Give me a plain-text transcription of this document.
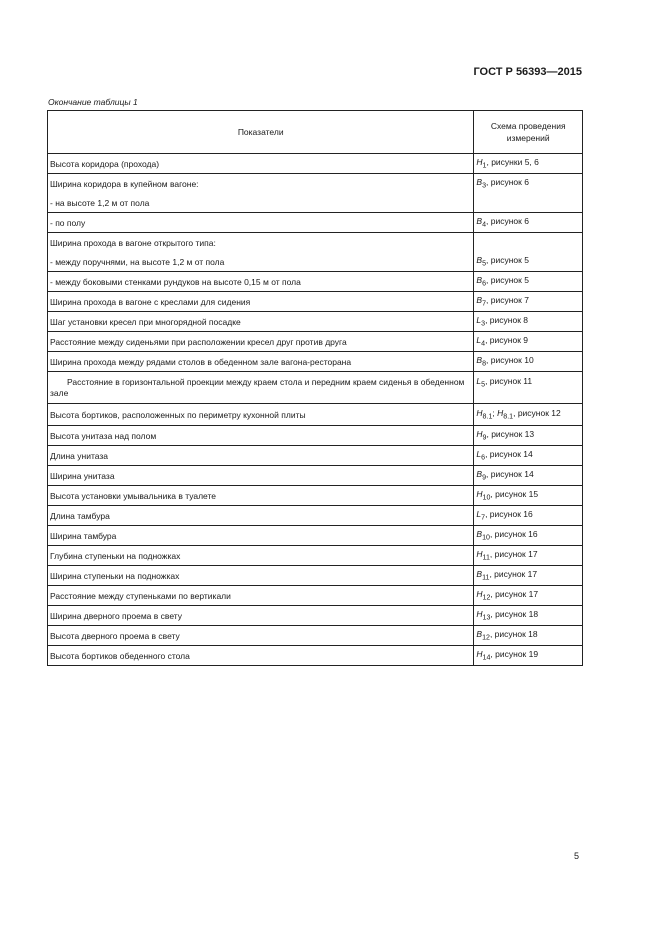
ГОСТ Р 56393—2015
Окончание таблицы 1
Показатели	Схема проведения измерений
Высота коридора (прохода)	$H_1$, рисунки 5, 6
Ширина коридора в купейном вагоне:	$B_3$, рисунок 6
- на высоте 1,2 м от пола	
- по полу	$B_4$, рисунок 6
Ширина прохода в вагоне открытого типа:	
- между поручнями, на высоте 1,2 м от пола	$B_5$, рисунок 5
- между боковыми стенками рундуков на высоте 0,15 м от пола	$B_6$, рисунок 5
Ширина прохода в вагоне с креслами для сидения	$B_7$, рисунок 7
Шаг установки кресел при многорядной посадке	$L_3$, рисунок 8
Расстояние между сиденьями при расположении кресел друг против друга	$L_4$, рисунок 9
Ширина прохода между рядами столов в обеденном зале вагона-ресторана	$B_8$, рисунок 10
Расстояние в горизонтальной проекции между краем стола и передним краем сиденья в обеденном зале	$L_5$, рисунок 11
Высота бортиков, расположенных по периметру кухонной плиты	$H_{8.1}$; $H_{8.1}$, рисунок 12
Высота унитаза над полом	$H_9$, рисунок 13
Длина унитаза	$L_6$, рисунок 14
Ширина унитаза	$B_9$, рисунок 14
Высота установки умывальника в туалете	$H_{10}$, рисунок 15
Длина тамбура	$L_7$, рисунок 16
Ширина тамбура	$B_{10}$, рисунок 16
Глубина ступеньки на подножках	$H_{11}$, рисунок 17
Ширина ступеньки на подножках	$B_{11}$, рисунок 17
Расстояние между ступеньками по вертикали	$H_{12}$, рисунок 17
Ширина дверного проема в свету	$H_{13}$, рисунок 18
Высота дверного проема в свету	$B_{12}$, рисунок 18
Высота бортиков обеденного стола	$H_{14}$, рисунок 19
5
